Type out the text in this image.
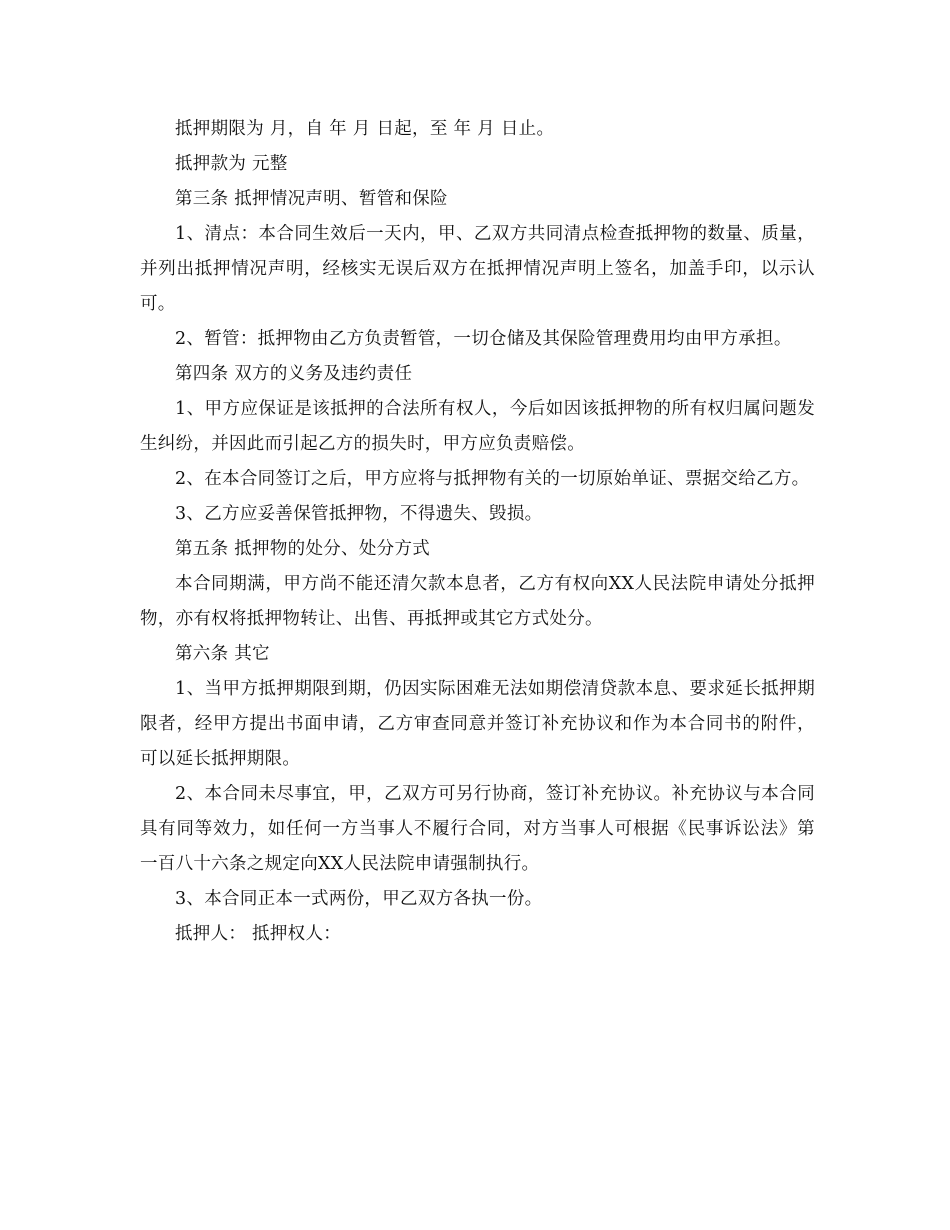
抵押期限为 月，自 年 月 日起，至 年 月 日止。

抵押款为 元整

第三条 抵押情况声明、暂管和保险

1、清点：本合同生效后一天内，甲、乙双方共同清点检查抵押物的数量、质量，并列出抵押情况声明，经核实无误后双方在抵押情况声明上签名，加盖手印，以示认可。

2、暂管：抵押物由乙方负责暂管，一切仓储及其保险管理费用均由甲方承担。

第四条 双方的义务及违约责任

1、甲方应保证是该抵押的合法所有权人，今后如因该抵押物的所有权归属问题发生纠纷，并因此而引起乙方的损失时，甲方应负责赔偿。

2、在本合同签订之后，甲方应将与抵押物有关的一切原始单证、票据交给乙方。

3、乙方应妥善保管抵押物，不得遗失、毁损。

第五条 抵押物的处分、处分方式

本合同期满，甲方尚不能还清欠款本息者，乙方有权向XX人民法院申请处分抵押物，亦有权将抵押物转让、出售、再抵押或其它方式处分。

第六条 其它

1、当甲方抵押期限到期，仍因实际困难无法如期偿清贷款本息、要求延长抵押期限者，经甲方提出书面申请，乙方审查同意并签订补充协议和作为本合同书的附件，可以延长抵押期限。

2、本合同未尽事宜，甲，乙双方可另行协商，签订补充协议。补充协议与本合同具有同等效力，如任何一方当事人不履行合同，对方当事人可根据《民事诉讼法》第一百八十六条之规定向XX人民法院申请强制执行。

3、本合同正本一式两份，甲乙双方各执一份。

抵押人： 抵押权人：
